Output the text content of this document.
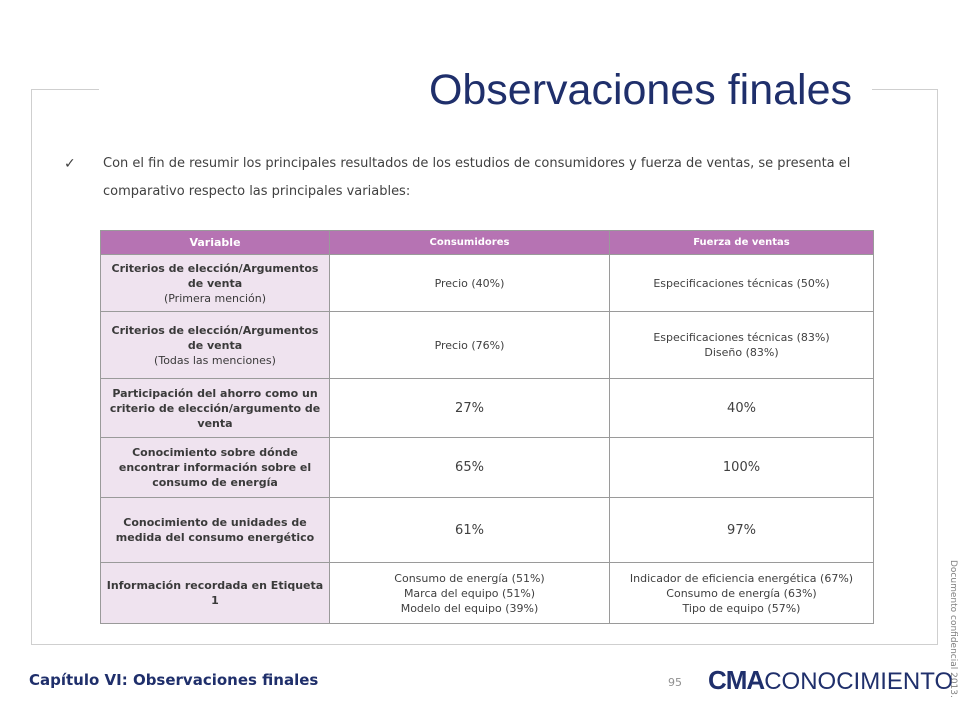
Observaciones finales
✓ Con el fin de resumir los principales resultados de los estudios de consumidores y fuerza de ventas, se presenta el comparativo respecto las principales variables:
Variable	Consumidores	Fuerza de ventas
Criterios de elección/Argumentos de venta
(Primera mención)	Precio (40%)	Especificaciones técnicas (50%)
Criterios de elección/Argumentos de venta
(Todas las menciones)	Precio (76%)	Especificaciones técnicas (83%)
Diseño (83%)

Participación del ahorro como un criterio de elección/argumento de venta	27%	40%
Conocimiento sobre dónde encontrar información sobre el consumo de energía	65%	100%
Conocimiento de unidades de medida del consumo energético	61%	97%
Información recordada en Etiqueta 1	Consumo de energía (51%)
Marca del equipo (51%)
Modelo del equipo (39%)	Indicador de eficiencia energética (67%)
Consumo de energía (63%)
Tipo de equipo (57%)
Capítulo VI: Observaciones finales	95 CMA CONOCIMIENTO
Documento confidencial 2013.
